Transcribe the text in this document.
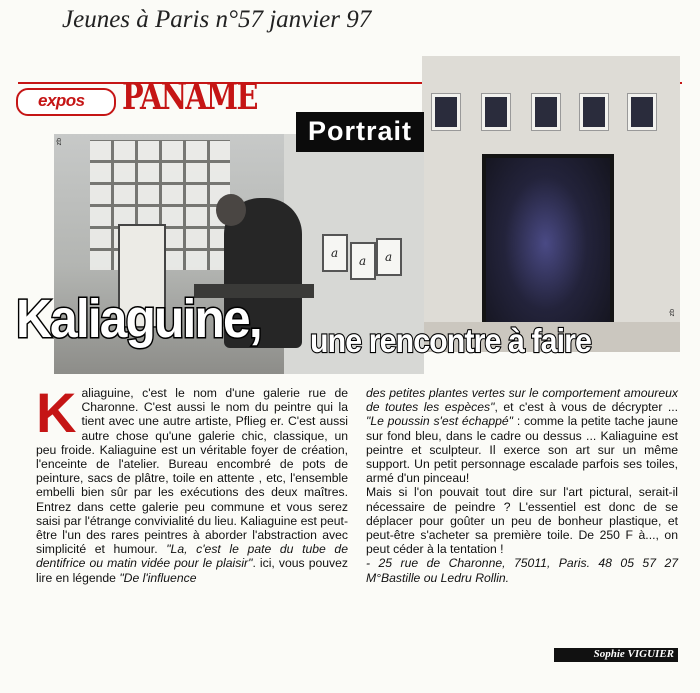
Jeunes à Paris n°57 janvier 97
expos PANAME
zb
a
a
a
zb	Portrait
Kaliaguine, une rencontre à faire
K aliaguine, c'est le nom d'une galerie rue de Charonne. C'est aussi le nom du peintre qui la tient avec une autre artiste, Pflieg er. C'est aussi autre chose qu'une galerie chic, classique, un peu froide. Kaliaguine est un véritable foyer de création, l'enceinte de l'atelier. Bureau encombré de pots de peinture, sacs de plâtre, toile en attente , etc, l'ensemble embelli bien sûr par les exécutions des deux maîtres. Entrez dans cette galerie peu commune et vous serez saisi par l'étrange convivialité du lieu. Kaliaguine est peut-être l'un des rares peintres à aborder l'abstraction avec simplicité et humour. "La, c'est le pate du tube de dentifrice ou matin vidée pour le plaisir". ici, vous pouvez lire en légende "De l'influence

des petites plantes vertes sur le comportement amoureux de toutes les espèces", et c'est à vous de décrypter ... "Le poussin s'est échappé" : comme la petite tache jaune sur fond bleu, dans le cadre ou dessus ... Kaliaguine est peintre et sculpteur. Il exerce son art sur un même support. Un petit personnage escalade parfois ses toiles, armé d'un pinceau!

Mais si l'on pouvait tout dire sur l'art pictural, serait-il nécessaire de peindre ? L'essentiel est donc de se déplacer pour goûter un peu de bonheur plastique, et peut-être s'acheter sa première toile. De 250 F à..., on peut céder à la tentation !

- 25 rue de Charonne, 75011, Paris. 48 05 57 27 M°Bastille ou Ledru Rollin.

Sophie VIGUIER
